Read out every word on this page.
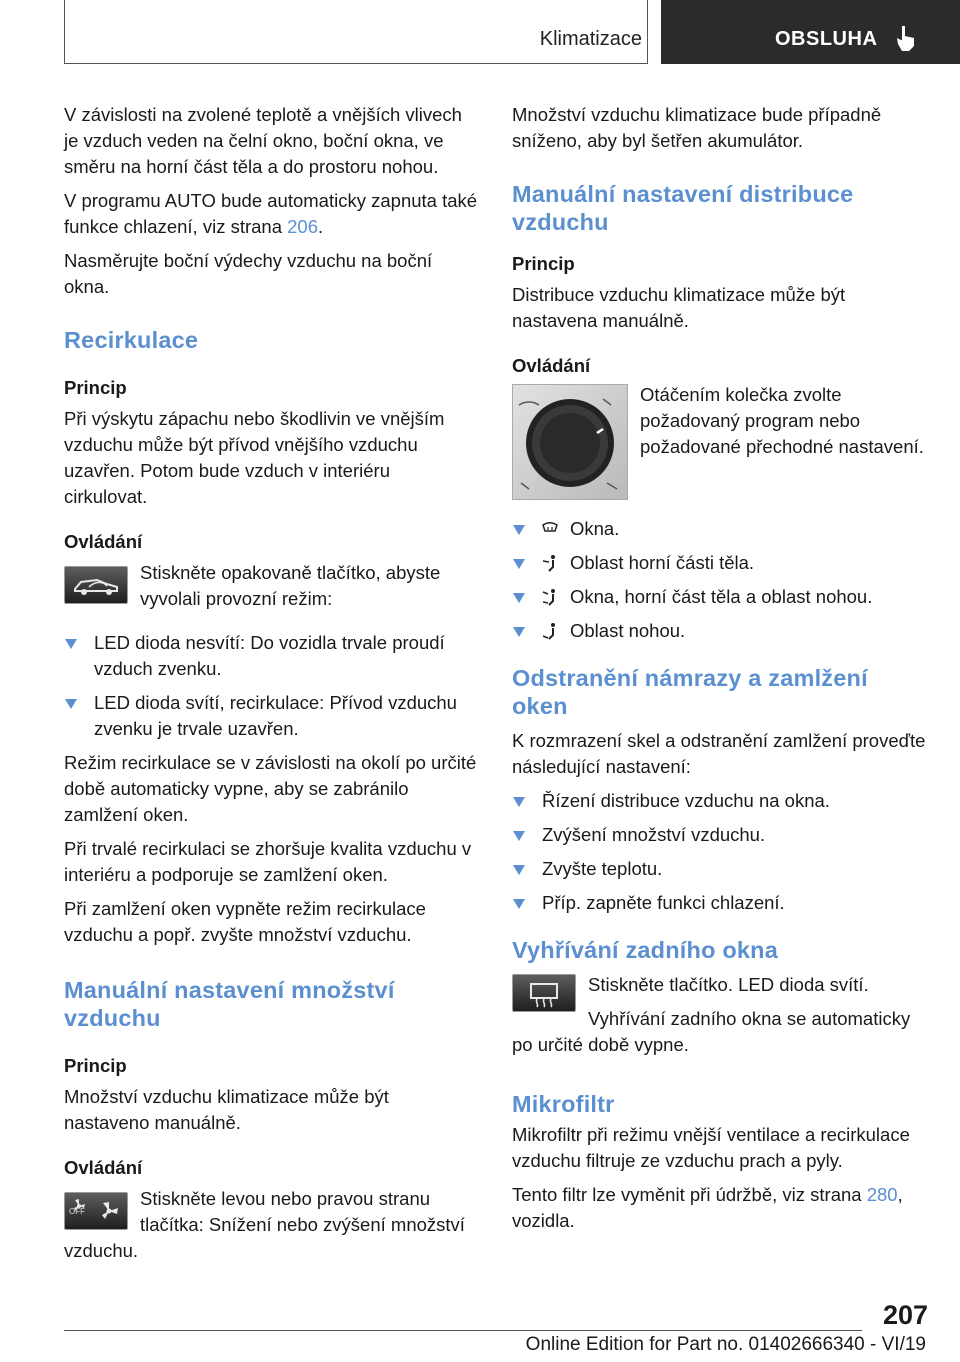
Klimatizace	OBSLUHA

V závislosti na zvolené teplotě a vnějších vlivech je vzduch veden na čelní okno, boční okna, ve směru na horní část těla a do prostoru nohou.

V programu AUTO bude automaticky zapnuta také funkce chlazení, viz strana 206.

Nasměrujte boční výdechy vzduchu na boční okna.

Recirkulace
Princip

Při výskytu zápachu nebo škodlivin ve vnějším vzduchu může být přívod vnějšího vzduchu uzavřen. Potom bude vzduch v interiéru cirkulovat.

Ovládání

Stiskněte opakovaně tlačítko, abyste vyvolali provozní režim:

LED dioda nesvítí: Do vozidla trvale proudí vzduch zvenku.
LED dioda svítí, recirkulace: Přívod vzduchu zvenku je trvale uzavřen.

Režim recirkulace se v závislosti na okolí po určité době automaticky vypne, aby se zabránilo zamlžení oken.

Při trvalé recirkulaci se zhoršuje kvalita vzduchu v interiéru a podporuje se zamlžení oken.

Při zamlžení oken vypněte režim recirkulace vzduchu a popř. zvyšte množství vzduchu.

Manuální nastavení množství vzduchu
Princip

Množství vzduchu klimatizace může být nastaveno manuálně.

Ovládání
OFF

Stiskněte levou nebo pravou stranu tlačítka: Snížení nebo zvýšení množství vzduchu.

Množství vzduchu klimatizace bude případně sníženo, aby byl šetřen akumulátor.

Manuální nastavení distribuce vzduchu
Princip

Distribuce vzduchu klimatizace může být nastavena manuálně.

Ovládání

Otáčením kolečka zvolte požadovaný program nebo požadované přechodné nastavení.

Okna.
Oblast horní části těla.
Okna, horní část těla a oblast nohou.
Oblast nohou.
Odstranění námrazy a zamlžení oken

K rozmrazení skel a odstranění zamlžení proveďte následující nastavení:

Řízení distribuce vzduchu na okna.
Zvýšení množství vzduchu.
Zvyšte teplotu.
Příp. zapněte funkci chlazení.
Vyhřívání zadního okna

Stiskněte tlačítko. LED dioda svítí.

Vyhřívání zadního okna se automaticky po určité době vypne.

Mikrofiltr

Mikrofiltr při režimu vnější ventilace a recirkulace vzduchu filtruje ze vzduchu prach a pyly.

Tento filtr lze vyměnit při údržbě, viz strana 280, vozidla.

207
Online Edition for Part no. 01402666340 - VI/19
